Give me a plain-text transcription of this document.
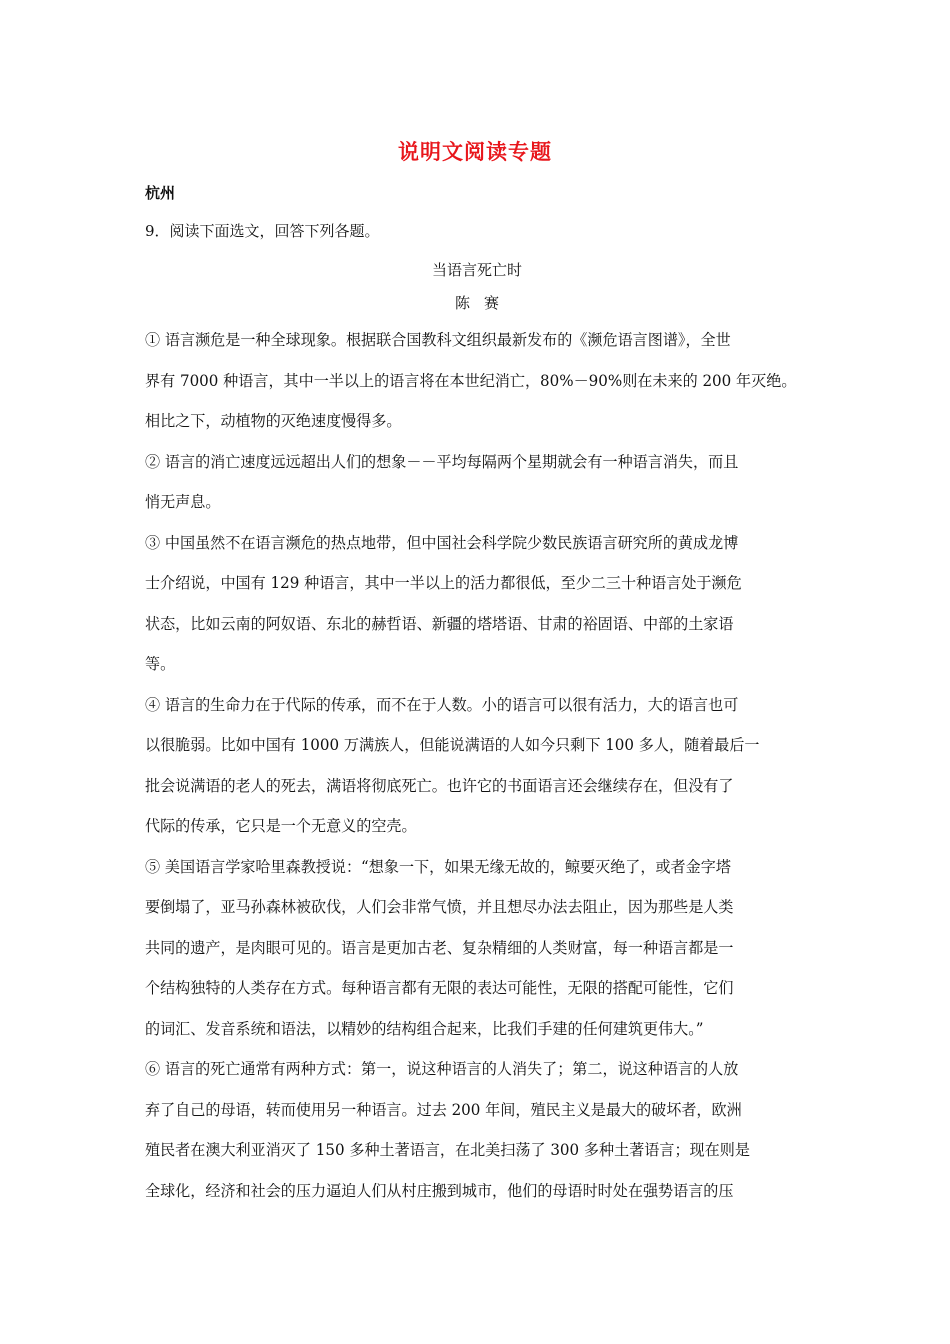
说明文阅读专题
杭州
9．阅读下面选文，回答下列各题。
当语言死亡时
陈赛
① 语言濒危是一种全球现象。根据联合国教科文组织最新发布的《濒危语言图谱》，全世
界有 7000 种语言，其中一半以上的语言将在本世纪消亡，80%－90%则在未来的 200 年灭绝。
相比之下，动植物的灭绝速度慢得多。
② 语言的消亡速度远远超出人们的想象－－平均每隔两个星期就会有一种语言消失，而且
悄无声息。
③ 中国虽然不在语言濒危的热点地带，但中国社会科学院少数民族语言研究所的黄成龙博
士介绍说，中国有 129 种语言，其中一半以上的活力都很低，至少二三十种语言处于濒危
状态，比如云南的阿奴语、东北的赫哲语、新疆的塔塔语、甘肃的裕固语、中部的土家语
等。
④ 语言的生命力在于代际的传承，而不在于人数。小的语言可以很有活力，大的语言也可
以很脆弱。比如中国有 1000 万满族人，但能说满语的人如今只剩下 100 多人，随着最后一
批会说满语的老人的死去，满语将彻底死亡。也许它的书面语言还会继续存在，但没有了
代际的传承，它只是一个无意义的空壳。
⑤ 美国语言学家哈里森教授说：“想象一下，如果无缘无故的，鲸要灭绝了，或者金字塔
要倒塌了，亚马孙森林被砍伐，人们会非常气愤，并且想尽办法去阻止，因为那些是人类
共同的遗产，是肉眼可见的。语言是更加古老、复杂精细的人类财富，每一种语言都是一
个结构独特的人类存在方式。每种语言都有无限的表达可能性，无限的搭配可能性，它们
的词汇、发音系统和语法，以精妙的结构组合起来，比我们手建的任何建筑更伟大。”
⑥ 语言的死亡通常有两种方式：第一，说这种语言的人消失了；第二，说这种语言的人放
弃了自己的母语，转而使用另一种语言。过去 200 年间，殖民主义是最大的破坏者，欧洲
殖民者在澳大利亚消灭了 150 多种土著语言，在北美扫荡了 300 多种土著语言；现在则是
全球化，经济和社会的压力逼迫人们从村庄搬到城市，他们的母语时时处在强势语言的压
